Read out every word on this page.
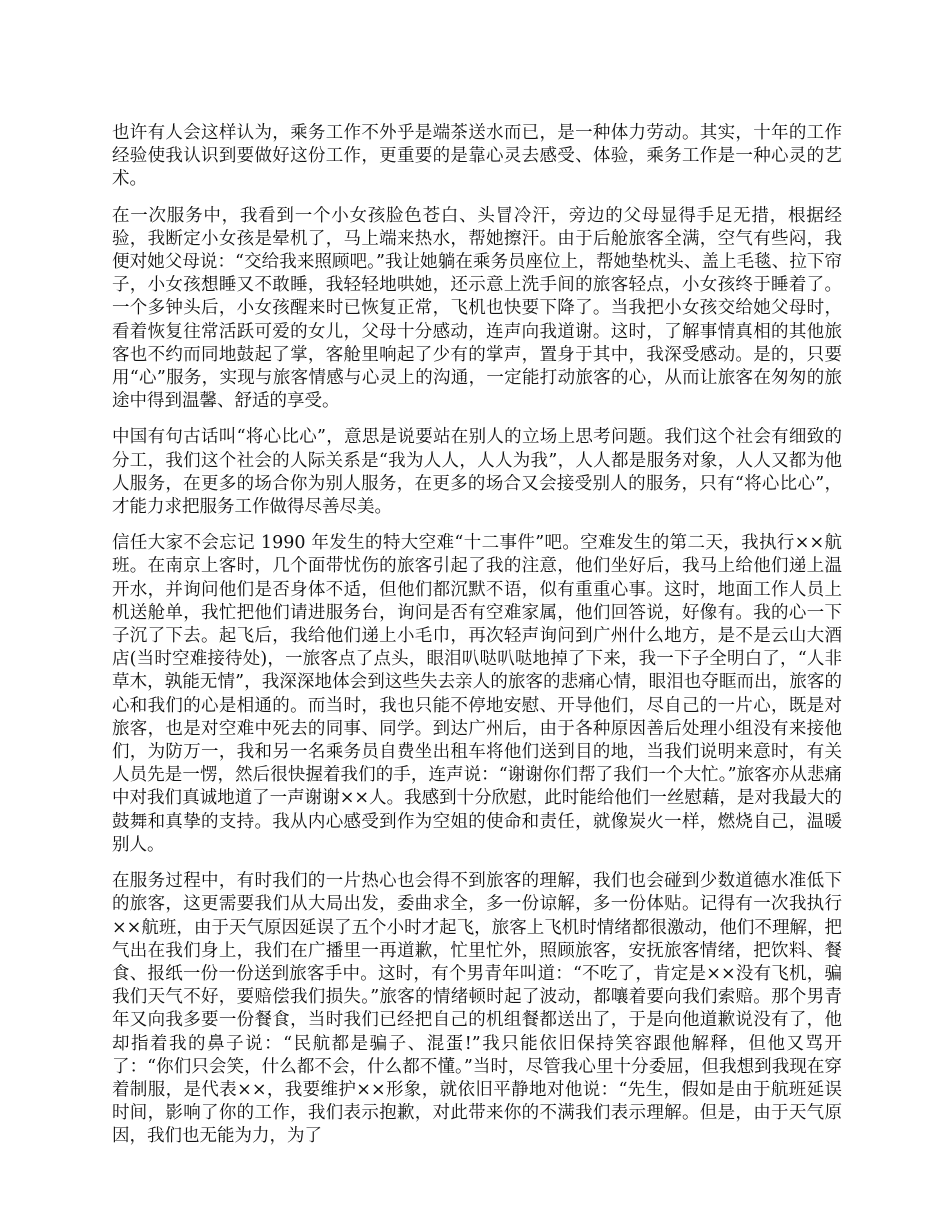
也许有人会这样认为，乘务工作不外乎是端茶送水而已，是一种体力劳动。其实，十年的工作经验使我认识到要做好这份工作，更重要的是靠心灵去感受、体验，乘务工作是一种心灵的艺术。

在一次服务中，我看到一个小女孩脸色苍白、头冒冷汗，旁边的父母显得手足无措，根据经验，我断定小女孩是晕机了，马上端来热水，帮她擦汗。由于后舱旅客全满，空气有些闷，我便对她父母说：“交给我来照顾吧。”我让她躺在乘务员座位上，帮她垫枕头、盖上毛毯、拉下帘子，小女孩想睡又不敢睡，我轻轻地哄她，还示意上洗手间的旅客轻点，小女孩终于睡着了。一个多钟头后，小女孩醒来时已恢复正常，飞机也快要下降了。当我把小女孩交给她父母时，看着恢复往常活跃可爱的女儿，父母十分感动，连声向我道谢。这时，了解事情真相的其他旅客也不约而同地鼓起了掌，客舱里响起了少有的掌声，置身于其中，我深受感动。是的，只要用“心”服务，实现与旅客情感与心灵上的沟通，一定能打动旅客的心，从而让旅客在匆匆的旅途中得到温馨、舒适的享受。

中国有句古话叫“将心比心”，意思是说要站在别人的立场上思考问题。我们这个社会有细致的分工，我们这个社会的人际关系是“我为人人，人人为我”，人人都是服务对象，人人又都为他人服务，在更多的场合你为别人服务，在更多的场合又会接受别人的服务，只有“将心比心”，才能力求把服务工作做得尽善尽美。

信任大家不会忘记 1990 年发生的特大空难“十二事件”吧。空难发生的第二天，我执行××航班。在南京上客时，几个面带忧伤的旅客引起了我的注意，他们坐好后，我马上给他们递上温开水，并询问他们是否身体不适，但他们都沉默不语，似有重重心事。这时，地面工作人员上机送舱单，我忙把他们请进服务台，询问是否有空难家属，他们回答说，好像有。我的心一下子沉了下去。起飞后，我给他们递上小毛巾，再次轻声询问到广州什么地方，是不是云山大酒店(当时空难接待处)，一旅客点了点头，眼泪叭哒叭哒地掉了下来，我一下子全明白了，“人非草木，孰能无情”，我深深地体会到这些失去亲人的旅客的悲痛心情，眼泪也夺眶而出，旅客的心和我们的心是相通的。而当时，我也只能不停地安慰、开导他们，尽自己的一片心，既是对旅客，也是对空难中死去的同事、同学。到达广州后，由于各种原因善后处理小组没有来接他们，为防万一，我和另一名乘务员自费坐出租车将他们送到目的地，当我们说明来意时，有关人员先是一愣，然后很快握着我们的手，连声说：“谢谢你们帮了我们一个大忙。”旅客亦从悲痛中对我们真诚地道了一声谢谢××人。我感到十分欣慰，此时能给他们一丝慰藉，是对我最大的鼓舞和真挚的支持。我从内心感受到作为空姐的使命和责任，就像炭火一样，燃烧自己，温暖别人。

在服务过程中，有时我们的一片热心也会得不到旅客的理解，我们也会碰到少数道德水准低下的旅客，这更需要我们从大局出发，委曲求全，多一份谅解，多一份体贴。记得有一次我执行××航班，由于天气原因延误了五个小时才起飞，旅客上飞机时情绪都很激动，他们不理解，把气出在我们身上，我们在广播里一再道歉，忙里忙外，照顾旅客，安抚旅客情绪，把饮料、餐食、报纸一份一份送到旅客手中。这时，有个男青年叫道：“不吃了，肯定是××没有飞机，骗我们天气不好，要赔偿我们损失。”旅客的情绪顿时起了波动，都嚷着要向我们索赔。那个男青年又向我多要一份餐食，当时我们已经把自己的机组餐都送出了，于是向他道歉说没有了，他却指着我的鼻子说：“民航都是骗子、混蛋!”我只能依旧保持笑容跟他解释，但他又骂开了：“你们只会笑，什么都不会，什么都不懂。”当时，尽管我心里十分委屈，但我想到我现在穿着制服，是代表××，我要维护××形象，就依旧平静地对他说：“先生，假如是由于航班延误时间，影响了你的工作，我们表示抱歉，对此带来你的不满我们表示理解。但是，由于天气原因，我们也无能为力，为了
